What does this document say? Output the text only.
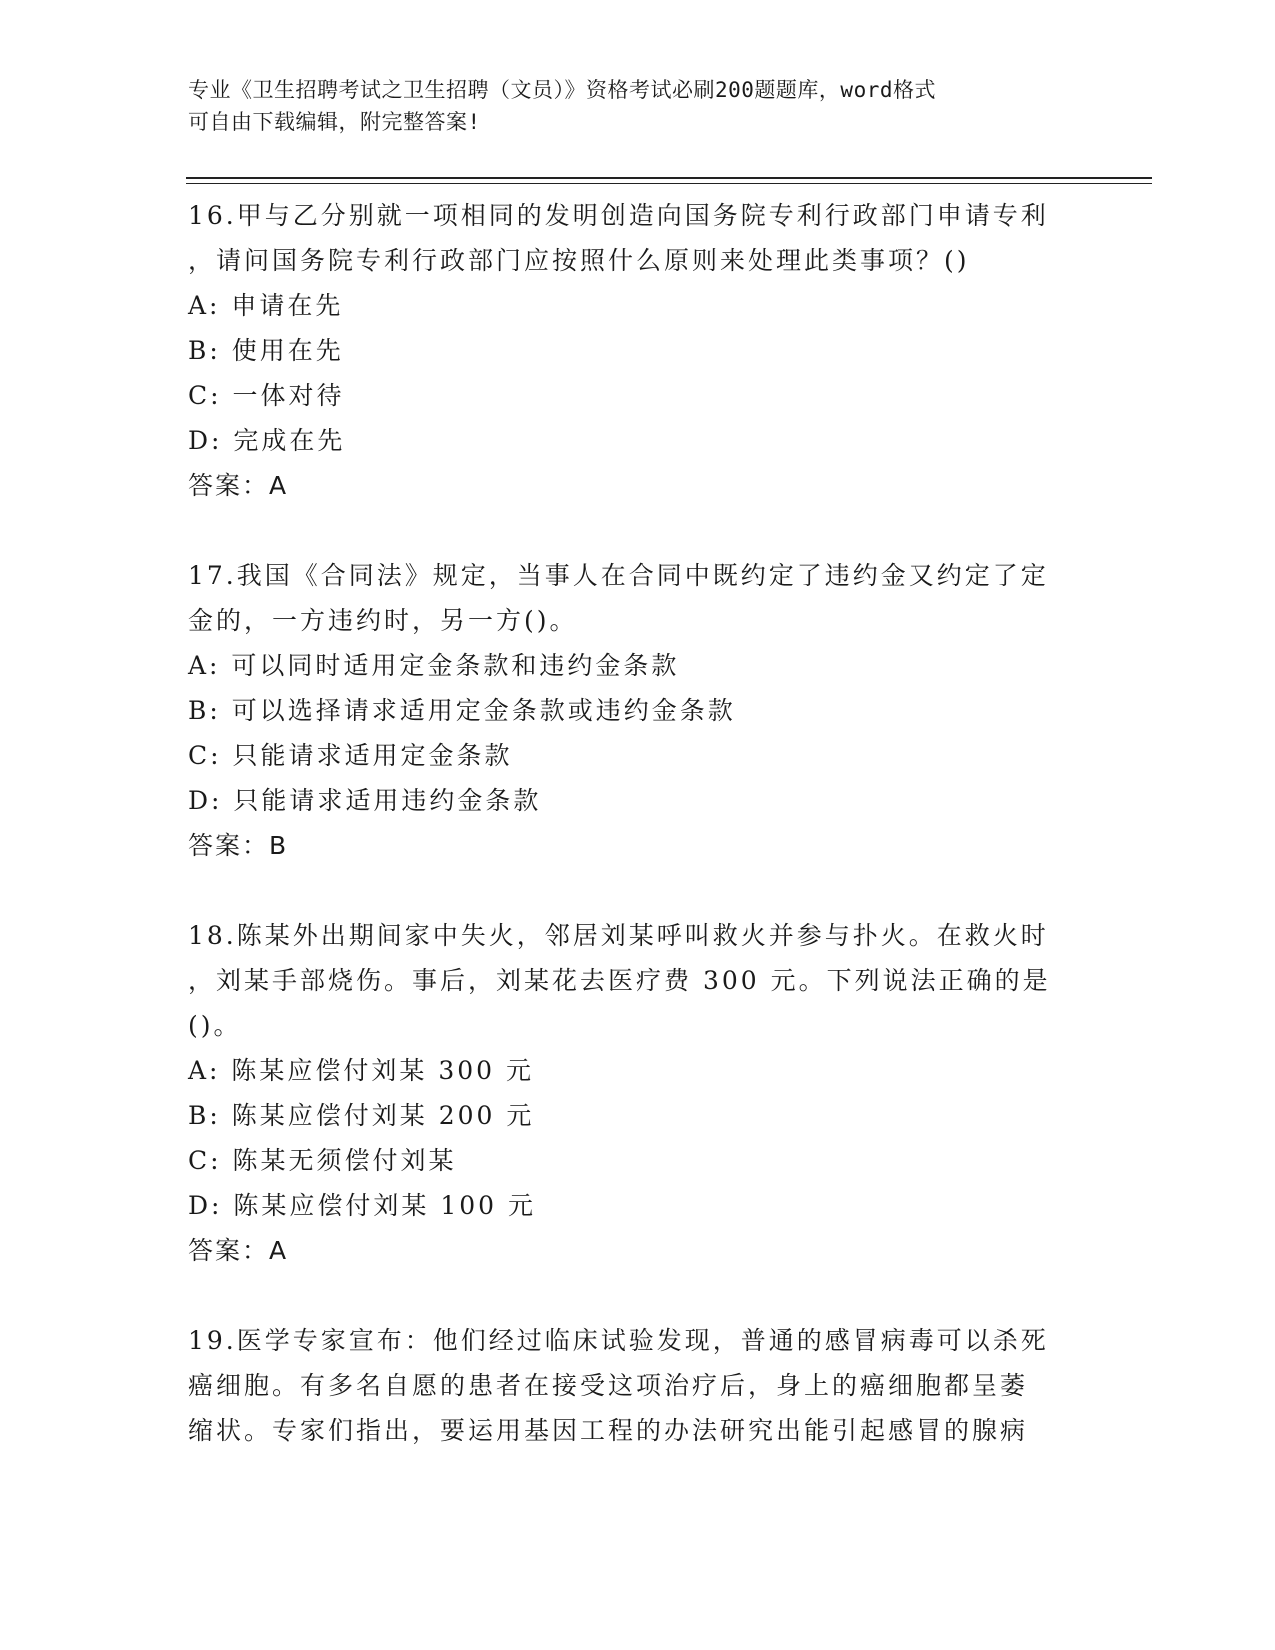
专业《卫生招聘考试之卫生招聘（文员）》资格考试必刷200题题库，word格式
可自由下载编辑，附完整答案!

16.甲与乙分别就一项相同的发明创造向国务院专利行政部门申请专利

，请问国务院专利行政部门应按照什么原则来处理此类事项？()

A: 申请在先

B: 使用在先

C: 一体对待

D: 完成在先

答案：A

17.我国《合同法》规定，当事人在合同中既约定了违约金又约定了定

金的，一方违约时，另一方()。

A: 可以同时适用定金条款和违约金条款

B: 可以选择请求适用定金条款或违约金条款

C: 只能请求适用定金条款

D: 只能请求适用违约金条款

答案：B

18.陈某外出期间家中失火，邻居刘某呼叫救火并参与扑火。在救火时

，刘某手部烧伤。事后，刘某花去医疗费 300 元。下列说法正确的是

()。

A: 陈某应偿付刘某 300 元

B: 陈某应偿付刘某 200 元

C: 陈某无须偿付刘某

D: 陈某应偿付刘某 100 元

答案：A

19.医学专家宣布：他们经过临床试验发现，普通的感冒病毒可以杀死

癌细胞。有多名自愿的患者在接受这项治疗后，身上的癌细胞都呈萎

缩状。专家们指出，要运用基因工程的办法研究出能引起感冒的腺病
